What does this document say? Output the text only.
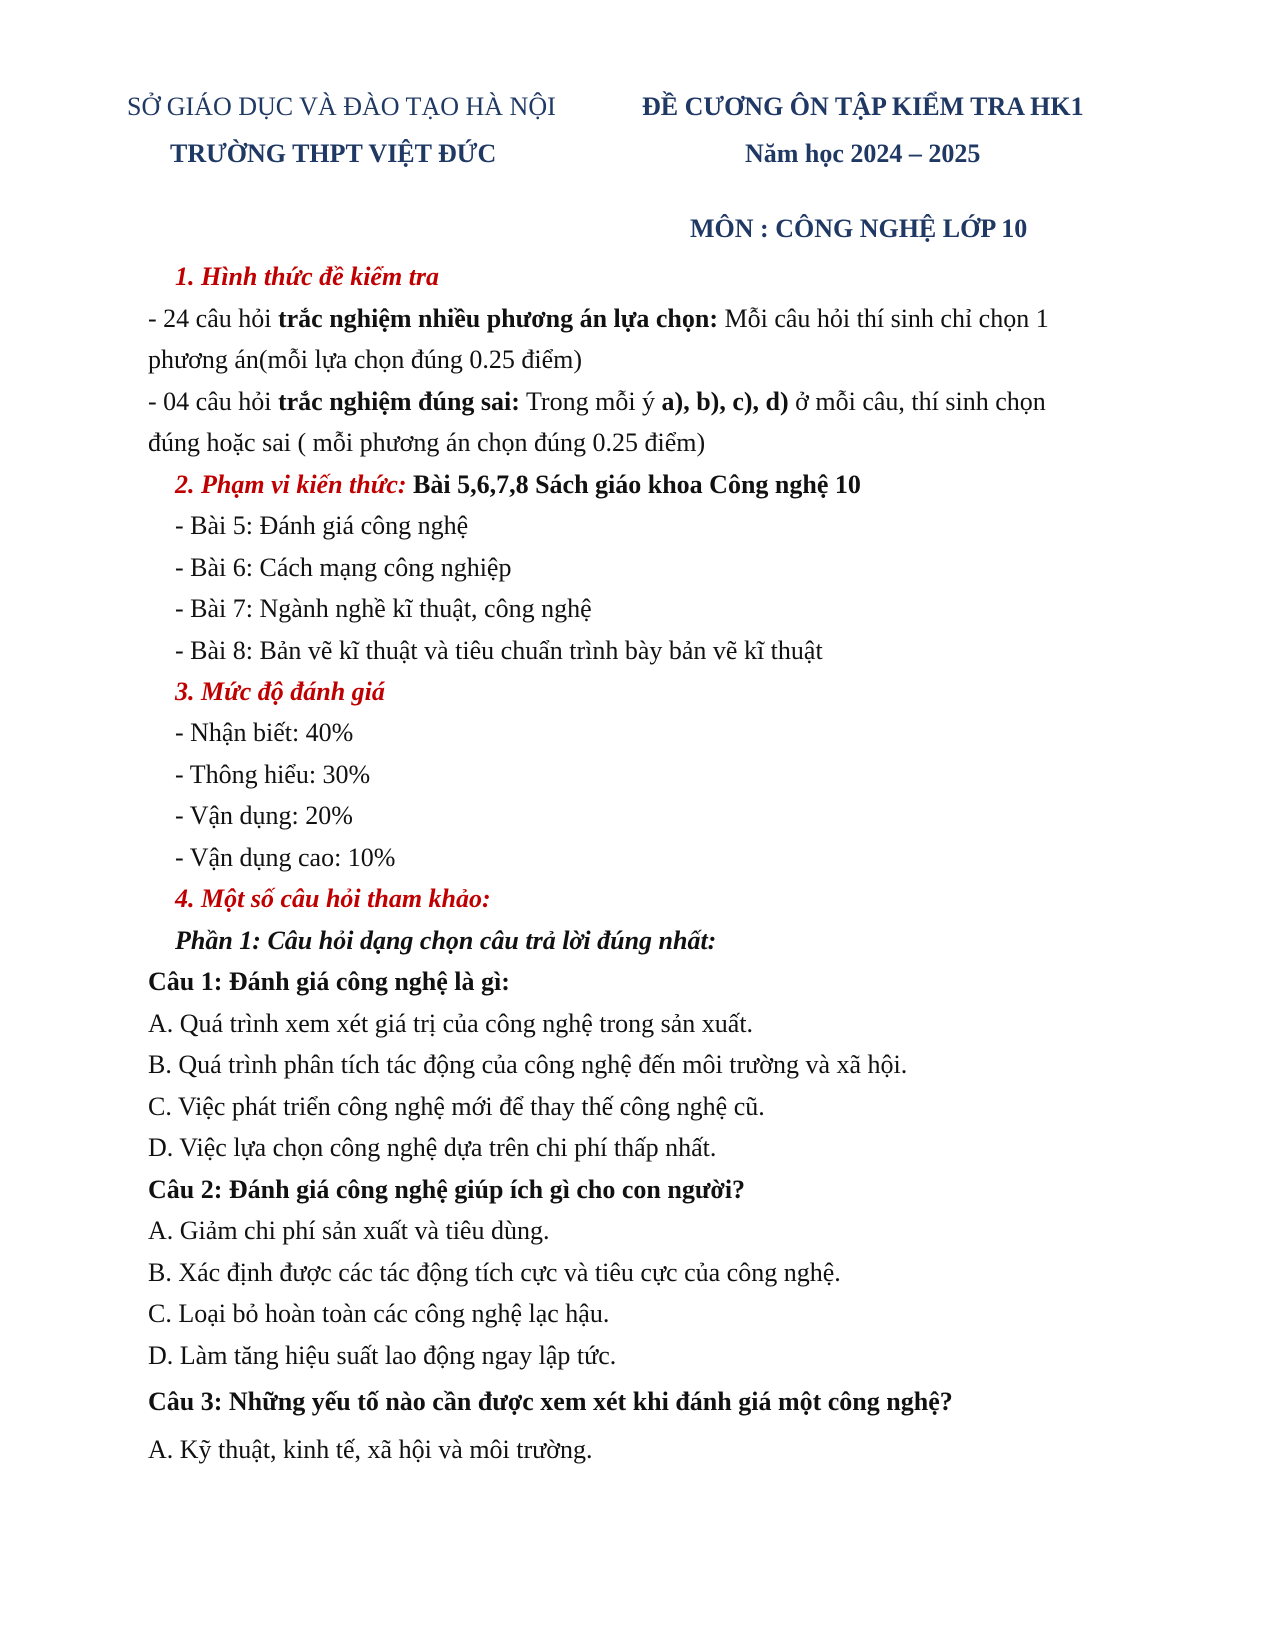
SỞ GIÁO DỤC VÀ ĐÀO TẠO HÀ NỘI
TRƯỜNG THPT VIỆT ĐỨC
ĐỀ CƯƠNG ÔN TẬP KIỂM TRA HK1
Năm học 2024 – 2025
MÔN : CÔNG NGHỆ LỚP 10
1. Hình thức đề kiểm tra
- 24 câu hỏi trắc nghiệm nhiều phương án lựa chọn: Mỗi câu hỏi thí sinh chỉ chọn 1
phương án(mỗi lựa chọn đúng 0.25 điểm)
- 04 câu hỏi trắc nghiệm đúng sai: Trong mỗi ý a), b), c), d) ở mỗi câu, thí sinh chọn
đúng hoặc sai ( mỗi phương án chọn đúng 0.25 điểm)
2. Phạm vi kiến thức: Bài 5,6,7,8 Sách giáo khoa Công nghệ 10
- Bài 5: Đánh giá công nghệ
- Bài 6: Cách mạng công nghiệp
- Bài 7: Ngành nghề kĩ thuật, công nghệ
- Bài 8: Bản vẽ kĩ thuật và tiêu chuẩn trình bày bản vẽ kĩ thuật
3. Mức độ đánh giá
- Nhận biết: 40%
- Thông hiểu: 30%
- Vận dụng: 20%
- Vận dụng cao: 10%
4. Một số câu hỏi tham khảo:
Phần 1: Câu hỏi dạng chọn câu trả lời đúng nhất:
Câu 1: Đánh giá công nghệ là gì:
A. Quá trình xem xét giá trị của công nghệ trong sản xuất.
B. Quá trình phân tích tác động của công nghệ đến môi trường và xã hội.
C. Việc phát triển công nghệ mới để thay thế công nghệ cũ.
D. Việc lựa chọn công nghệ dựa trên chi phí thấp nhất.
Câu 2: Đánh giá công nghệ giúp ích gì cho con người?
A. Giảm chi phí sản xuất và tiêu dùng.
B. Xác định được các tác động tích cực và tiêu cực của công nghệ.
C. Loại bỏ hoàn toàn các công nghệ lạc hậu.
D. Làm tăng hiệu suất lao động ngay lập tức.
Câu 3: Những yếu tố nào cần được xem xét khi đánh giá một công nghệ?
A. Kỹ thuật, kinh tế, xã hội và môi trường.
